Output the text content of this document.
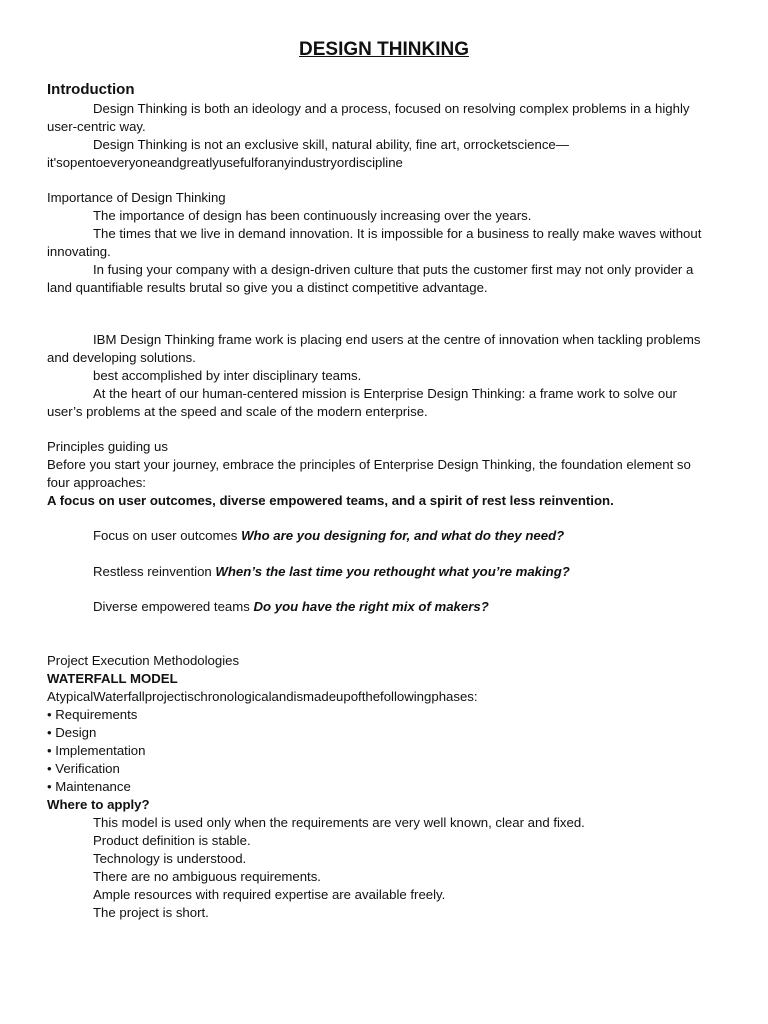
DESIGN THINKING

Introduction

Design Thinking is both an ideology and a process, focused on resolving complex problems in a highly user-centric way.

Design Thinking is not an exclusive skill, natural ability, fine art, orrocketscience—it'sopentoeveryoneandgreatlyusefulforanyindustryordiscipline

Importance of Design Thinking

The importance of design has been continuously increasing over the years.

The times that we live in demand innovation. It is impossible for a business to really make waves without innovating.

In fusing your company with a design-driven culture that puts the customer first may not only provider a land quantifiable results brutal so give you a distinct competitive advantage.

IBM Design Thinking frame work is placing end users at the centre of innovation when tackling problems and developing solutions.

best accomplished by inter disciplinary teams.

At the heart of our human-centered mission is Enterprise Design Thinking: a frame work to solve our user’s problems at the speed and scale of the modern enterprise.

Principles guiding us

Before you start your journey, embrace the principles of Enterprise Design Thinking, the foundation element so four approaches:

A focus on user outcomes, diverse empowered teams, and a spirit of rest less reinvention.

Focus on user outcomes Who are you designing for, and what do they need?

Restless reinvention When’s the last time you rethought what you’re making?

Diverse empowered teams Do you have the right mix of makers?

Project Execution Methodologies

WATERFALL MODEL

AtypicalWaterfallprojectischronologicalandismadeupofthefollowingphases:

• Requirements

• Design

• Implementation

• Verification

• Maintenance

Where to apply?

This model is used only when the requirements are very well known, clear and fixed.

Product definition is stable.

Technology is understood.

There are no ambiguous requirements.

Ample resources with required expertise are available freely.

The project is short.
